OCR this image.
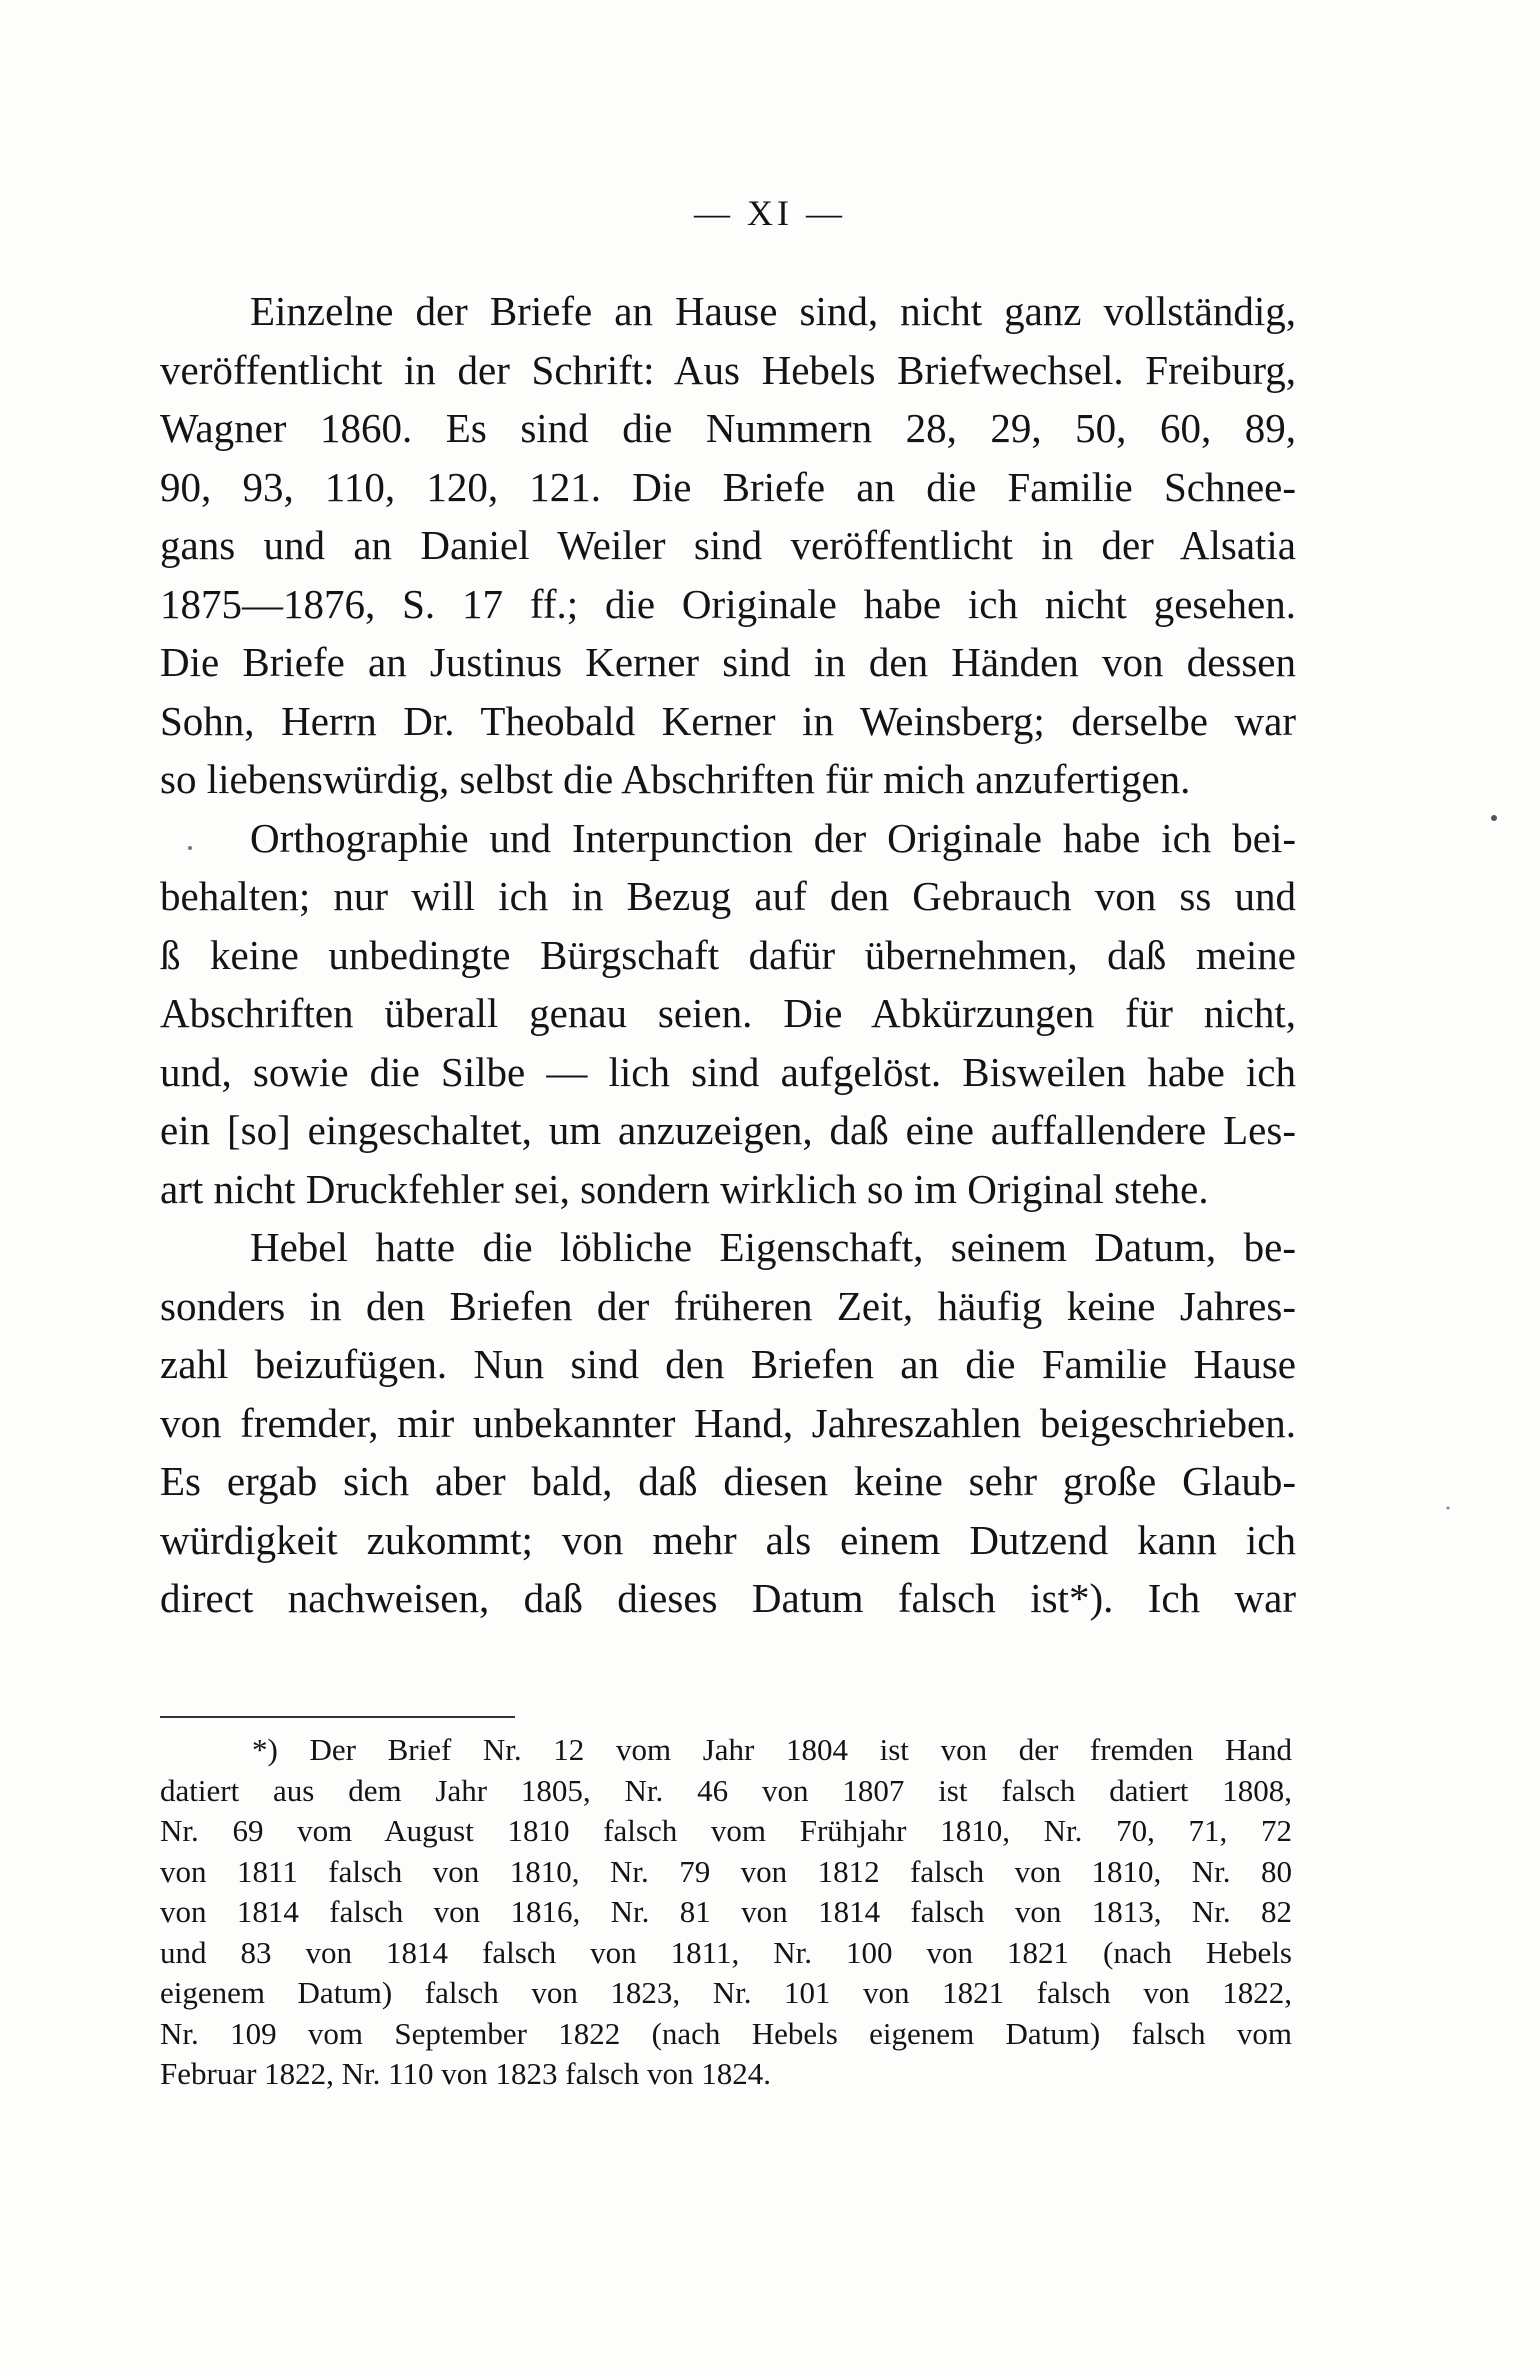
— XI —
Einzelne der Briefe an Hause sind, nicht ganz vollständig,
veröffentlicht in der Schrift: Aus Hebels Briefwechsel. Freiburg,
Wagner 1860. Es sind die Nummern 28, 29, 50, 60, 89,
90, 93, 110, 120, 121. Die Briefe an die Familie Schnee-
gans und an Daniel Weiler sind veröffentlicht in der Alsatia
1875—1876, S. 17 ff.; die Originale habe ich nicht gesehen.
Die Briefe an Justinus Kerner sind in den Händen von dessen
Sohn, Herrn Dr. Theobald Kerner in Weinsberg; derselbe war
so liebenswürdig, selbst die Abschriften für mich anzufertigen.
Orthographie und Interpunction der Originale habe ich bei-
behalten; nur will ich in Bezug auf den Gebrauch von ss und
ß keine unbedingte Bürgschaft dafür übernehmen, daß meine
Abschriften überall genau seien. Die Abkürzungen für nicht,
und, sowie die Silbe — lich sind aufgelöst. Bisweilen habe ich
ein [so] eingeschaltet, um anzuzeigen, daß eine auffallendere Les-
art nicht Druckfehler sei, sondern wirklich so im Original stehe.
Hebel hatte die löbliche Eigenschaft, seinem Datum, be-
sonders in den Briefen der früheren Zeit, häufig keine Jahres-
zahl beizufügen. Nun sind den Briefen an die Familie Hause
von fremder, mir unbekannter Hand, Jahreszahlen beigeschrieben.
Es ergab sich aber bald, daß diesen keine sehr große Glaub-
würdigkeit zukommt; von mehr als einem Dutzend kann ich
direct nachweisen, daß dieses Datum falsch ist*). Ich war
*) Der Brief Nr. 12 vom Jahr 1804 ist von der fremden Hand
datiert aus dem Jahr 1805, Nr. 46 von 1807 ist falsch datiert 1808,
Nr. 69 vom August 1810 falsch vom Frühjahr 1810, Nr. 70, 71, 72
von 1811 falsch von 1810, Nr. 79 von 1812 falsch von 1810, Nr. 80
von 1814 falsch von 1816, Nr. 81 von 1814 falsch von 1813, Nr. 82
und 83 von 1814 falsch von 1811, Nr. 100 von 1821 (nach Hebels
eigenem Datum) falsch von 1823, Nr. 101 von 1821 falsch von 1822,
Nr. 109 vom September 1822 (nach Hebels eigenem Datum) falsch vom
Februar 1822, Nr. 110 von 1823 falsch von 1824.
